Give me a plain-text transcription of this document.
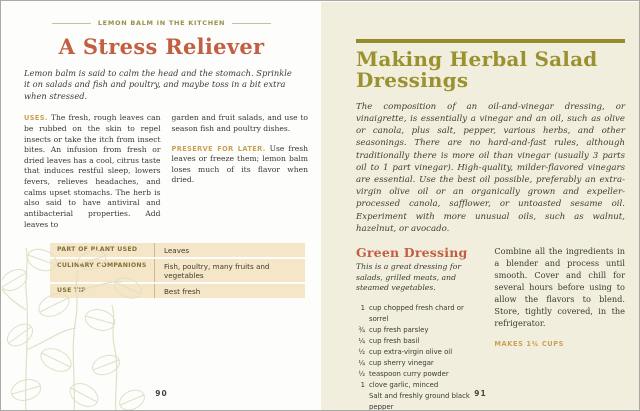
LEMON BALM IN THE KITCHEN
A Stress Reliever

Lemon balm is said to calm the head and the stomach. Sprinkle it on salads and fish and poultry, and maybe toss in a bit extra when stressed.

USES. The fresh, rough leaves can be rubbed on the skin to repel insects or take the itch from insect bites. An infusion from fresh or dried leaves has a cool, citrus taste that induces restful sleep, lowers fevers, relieves headaches, and calms upset stomachs. The herb is also said to have antiviral and antibacterial properties. Add leaves to

garden and fruit salads, and use to season fish and poultry dishes.

PRESERVE FOR LATER. Use fresh leaves or freeze them; lemon balm loses much of its flavor when dried.

PART OF PLANT USED	Leaves
CULINARY COMPANIONS	Fish, poultry, many fruits and vegetables
USE TIP	Best fresh
90
Making Herbal Salad Dressings

The composition of an oil-and-vinegar dressing, or vinaigrette, is essentially a vinegar and an oil, such as olive or canola, plus salt, pepper, various herbs, and other seasonings. There are no hard-and-fast rules, although traditionally there is more oil than vinegar (usually 3 parts oil to 1 part vinegar). High-quality, milder-flavored vinegars are essential. Use the best oil possible, preferably an extra-virgin olive oil or an organically grown and expeller-processed canola, safflower, or untoasted sesame oil. Experiment with more unusual oils, such as walnut, hazelnut, or avocado.

Green Dressing

This is a great dressing for salads, grilled meats, and steamed vegetables.

1 cup chopped fresh chard or sorrel
¾ cup fresh parsley
¼ cup fresh basil
½ cup extra-virgin olive oil
¼ cup sherry vinegar
½ teaspoon curry powder
1 clove garlic, minced
Salt and freshly ground black pepper

Combine all the ingredients in a blender and process until smooth. Cover and chill for several hours before using to allow the flavors to blend. Store, tightly covered, in the refrigerator.

MAKES 1¾ CUPS
91
